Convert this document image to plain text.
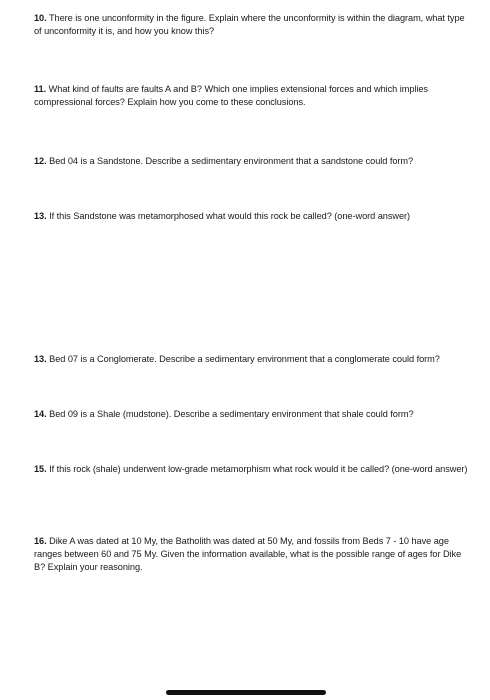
10. There is one unconformity in the figure. Explain where the unconformity is within the diagram, what type of unconformity it is, and how you know this?
11. What kind of faults are faults A and B? Which one implies extensional forces and which implies compressional forces? Explain how you come to these conclusions.
12. Bed 04 is a Sandstone. Describe a sedimentary environment that a sandstone could form?
13. If this Sandstone was metamorphosed what would this rock be called? (one-word answer)
13. Bed 07 is a Conglomerate. Describe a sedimentary environment that a conglomerate could form?
14. Bed 09 is a Shale (mudstone). Describe a sedimentary environment that shale could form?
15. If this rock (shale) underwent low-grade metamorphism what rock would it be called? (one-word answer)
16. Dike A was dated at 10 My, the Batholith was dated at 50 My, and fossils from Beds 7 - 10 have age ranges between 60 and 75 My. Given the information available, what is the possible range of ages for Dike B? Explain your reasoning.
